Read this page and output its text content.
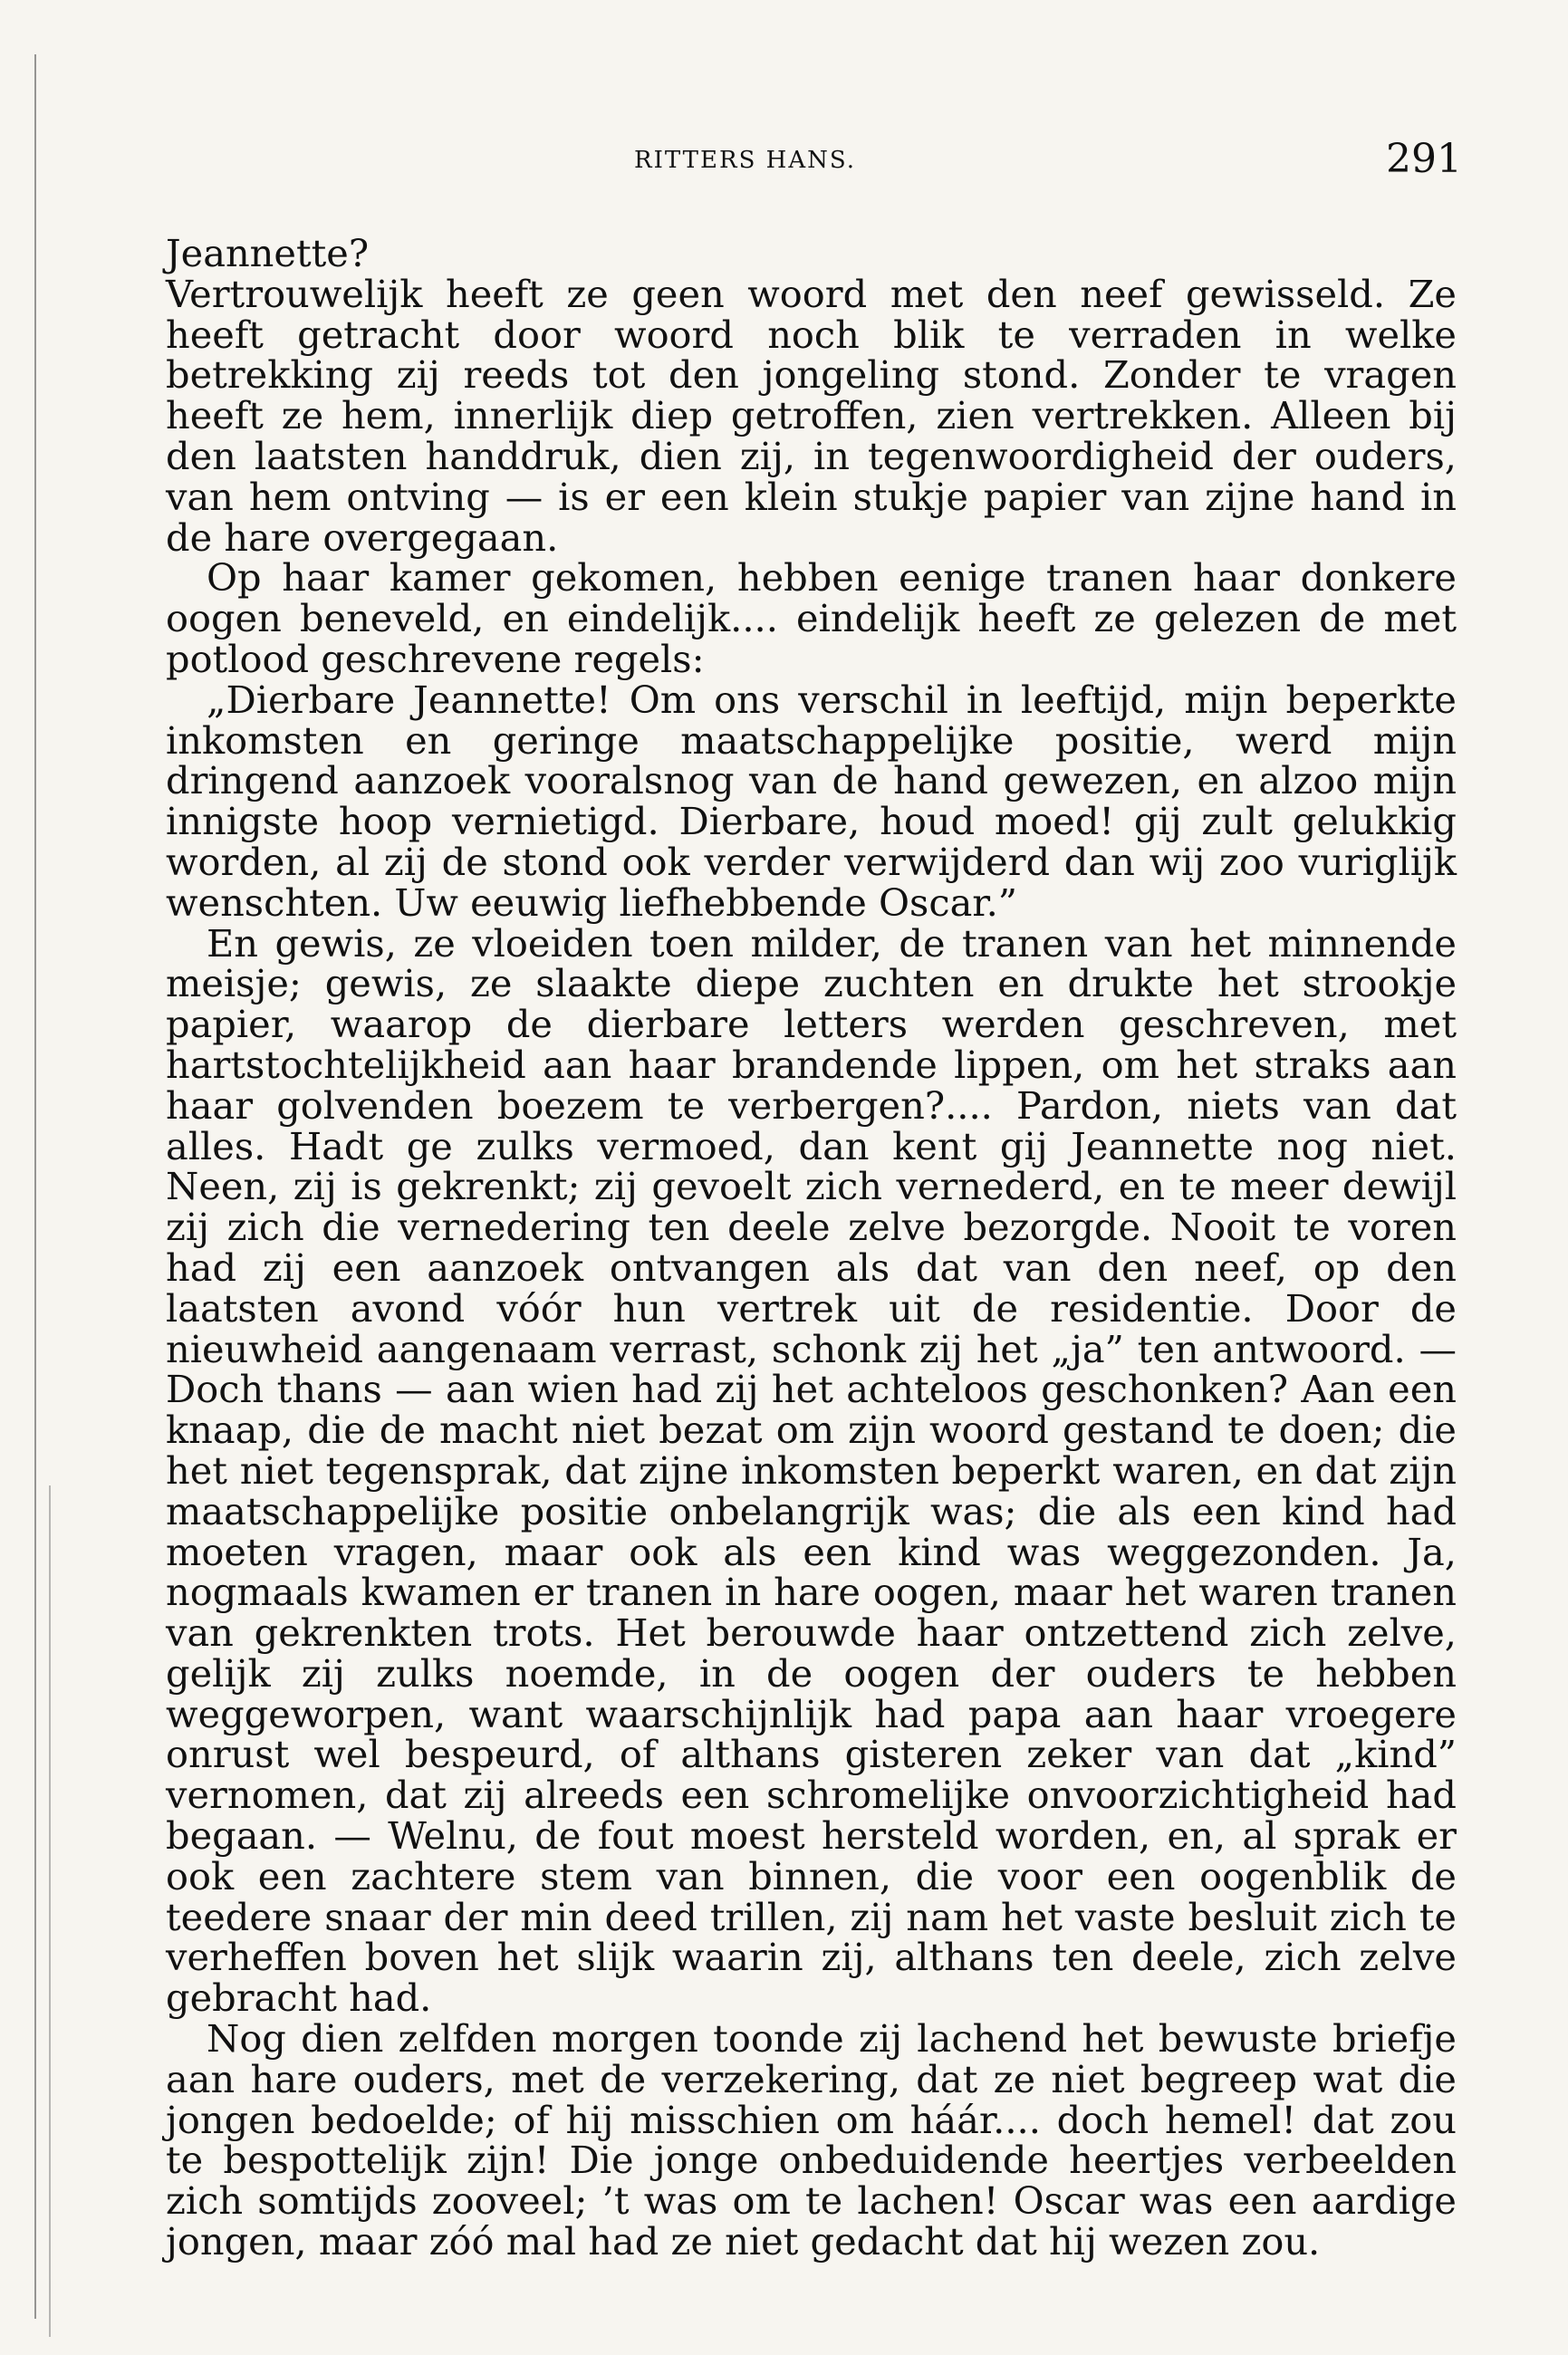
RITTERS HANS.	291

Jeannette?

Vertrouwelijk heeft ze geen woord met den neef gewisseld. Ze heeft getracht door woord noch blik te verraden in welke betrekking zij reeds tot den jongeling stond. Zonder te vragen heeft ze hem, innerlijk diep getroffen, zien vertrekken. Alleen bij den laatsten handdruk, dien zij, in tegenwoordigheid der ouders, van hem ontving — is er een klein stukje papier van zijne hand in de hare overgegaan.

Op haar kamer gekomen, hebben eenige tranen haar donkere oogen beneveld, en eindelijk.... eindelijk heeft ze gelezen de met potlood geschrevene regels:

„Dierbare Jeannette! Om ons verschil in leeftijd, mijn beperkte inkomsten en geringe maatschappelijke positie, werd mijn dringend aanzoek vooralsnog van de hand gewezen, en alzoo mijn innigste hoop vernietigd. Dierbare, houd moed! gij zult gelukkig worden, al zij de stond ook verder verwijderd dan wij zoo vuriglijk wenschten. Uw eeuwig liefhebbende Oscar.”

En gewis, ze vloeiden toen milder, de tranen van het minnende meisje; gewis, ze slaakte diepe zuchten en drukte het strookje papier, waarop de dierbare letters werden geschreven, met hartstochtelijkheid aan haar brandende lippen, om het straks aan haar golvenden boezem te verbergen?.... Pardon, niets van dat alles. Hadt ge zulks vermoed, dan kent gij Jeannette nog niet. Neen, zij is gekrenkt; zij gevoelt zich vernederd, en te meer dewijl zij zich die vernedering ten deele zelve bezorgde. Nooit te voren had zij een aanzoek ontvangen als dat van den neef, op den laatsten avond vóór hun vertrek uit de residentie. Door de nieuwheid aangenaam verrast, schonk zij het „ja” ten antwoord. — Doch thans — aan wien had zij het achteloos geschonken? Aan een knaap, die de macht niet bezat om zijn woord gestand te doen; die het niet tegensprak, dat zijne inkomsten beperkt waren, en dat zijn maatschappelijke positie onbelangrijk was; die als een kind had moeten vragen, maar ook als een kind was weggezonden. Ja, nogmaals kwamen er tranen in hare oogen, maar het waren tranen van gekrenkten trots. Het berouwde haar ontzettend zich zelve, gelijk zij zulks noemde, in de oogen der ouders te hebben weggeworpen, want waarschijnlijk had papa aan haar vroegere onrust wel bespeurd, of althans gisteren zeker van dat „kind” vernomen, dat zij alreeds een schromelijke onvoorzichtigheid had begaan. — Welnu, de fout moest hersteld worden, en, al sprak er ook een zachtere stem van binnen, die voor een oogenblik de teedere snaar der min deed trillen, zij nam het vaste besluit zich te verheffen boven het slijk waarin zij, althans ten deele, zich zelve gebracht had.

Nog dien zelfden morgen toonde zij lachend het bewuste briefje aan hare ouders, met de verzekering, dat ze niet begreep wat die jongen bedoelde; of hij misschien om háár.... doch hemel! dat zou te bespottelijk zijn! Die jonge onbeduidende heertjes verbeelden zich somtijds zooveel; ’t was om te lachen! Oscar was een aardige jongen, maar zóó mal had ze niet gedacht dat hij wezen zou.
